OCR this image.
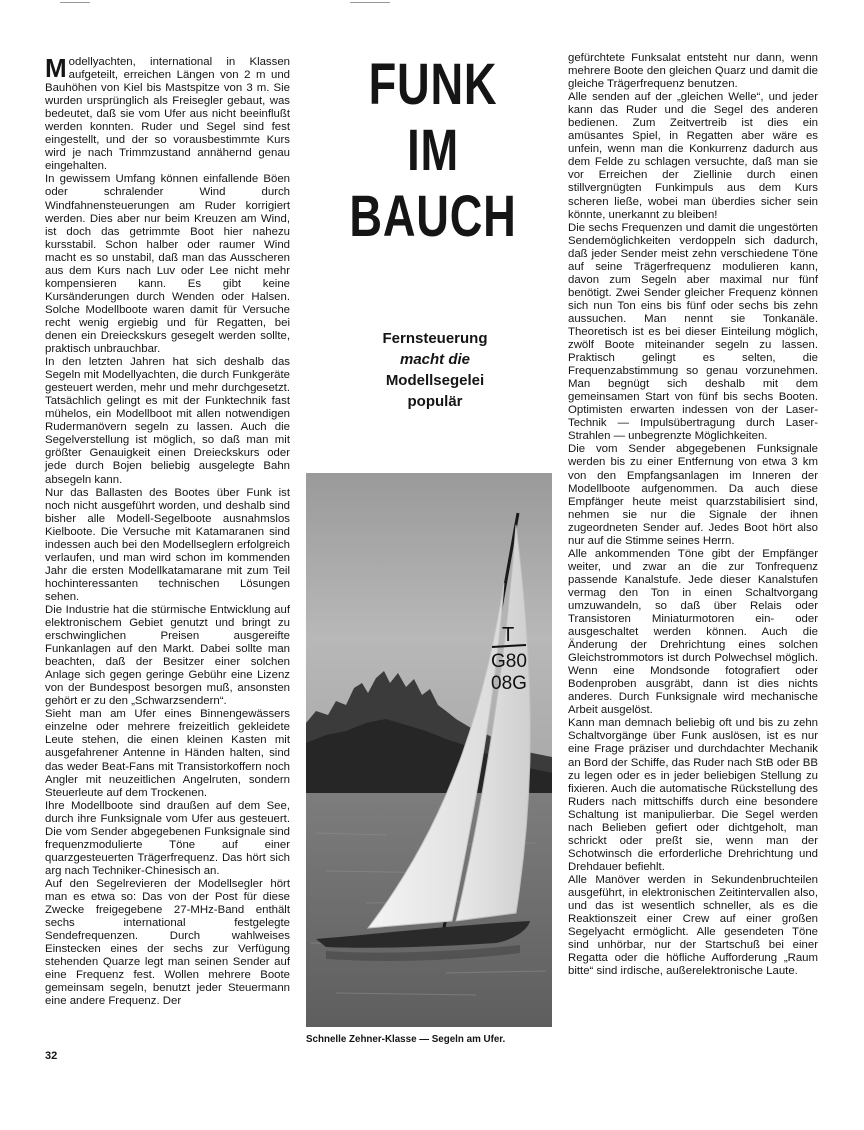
Modellyachten, international in Klassen aufgeteilt, erreichen Längen von 2 m und Bauhöhen von Kiel bis Mastspitze von 3 m. Sie wurden ursprünglich als Freisegler gebaut, was bedeutet, daß sie vom Ufer aus nicht beeinflußt werden konnten. Ruder und Segel sind fest eingestellt, und der so vorausbestimmte Kurs wird je nach Trimmzustand annähernd genau eingehalten.

In gewissem Umfang können einfallende Böen oder schralender Wind durch Windfahnensteuerungen am Ruder korrigiert werden. Dies aber nur beim Kreuzen am Wind, ist doch das getrimmte Boot hier nahezu kursstabil. Schon halber oder raumer Wind macht es so unstabil, daß man das Ausscheren aus dem Kurs nach Luv oder Lee nicht mehr kompensieren kann. Es gibt keine Kursänderungen durch Wenden oder Halsen. Solche Modellboote waren damit für Versuche recht wenig ergiebig und für Regatten, bei denen ein Dreieckskurs gesegelt werden sollte, praktisch unbrauchbar.

In den letzten Jahren hat sich deshalb das Segeln mit Modellyachten, die durch Funkgeräte gesteuert werden, mehr und mehr durchgesetzt. Tatsächlich gelingt es mit der Funktechnik fast mühelos, ein Modellboot mit allen notwendigen Rudermanövern segeln zu lassen. Auch die Segelverstellung ist möglich, so daß man mit größter Genauigkeit einen Dreieckskurs oder jede durch Bojen beliebig ausgelegte Bahn absegeln kann.

Nur das Ballasten des Bootes über Funk ist noch nicht ausgeführt worden, und deshalb sind bisher alle Modell-Segelboote ausnahmslos Kielboote. Die Versuche mit Katamaranen sind indessen auch bei den Modellseglern erfolgreich verlaufen, und man wird schon im kommenden Jahr die ersten Modellkatamarane mit zum Teil hochinteressanten technischen Lösungen sehen.

Die Industrie hat die stürmische Entwicklung auf elektronischem Gebiet genutzt und bringt zu erschwinglichen Preisen ausgereifte Funkanlagen auf den Markt. Dabei sollte man beachten, daß der Besitzer einer solchen Anlage sich gegen geringe Gebühr eine Lizenz von der Bundespost besorgen muß, ansonsten gehört er zu den „Schwarzsendern“.

Sieht man am Ufer eines Binnengewässers einzelne oder mehrere freizeitlich gekleidete Leute stehen, die einen kleinen Kasten mit ausgefahrener Antenne in Händen halten, sind das weder Beat-Fans mit Transistorkoffern noch Angler mit neuzeitlichen Angelruten, sondern Steuerleute auf dem Trockenen.

Ihre Modellboote sind draußen auf dem See, durch ihre Funksignale vom Ufer aus gesteuert. Die vom Sender abgegebenen Funksignale sind frequenzmodulierte Töne auf einer quarzgesteuerten Trägerfrequenz. Das hört sich arg nach Techniker-Chinesisch an.

Auf den Segelrevieren der Modellsegler hört man es etwa so: Das von der Post für diese Zwecke freigegebene 27-MHz-Band enthält sechs international festgelegte Sendefrequenzen. Durch wahlweises Einstecken eines der sechs zur Verfügung stehenden Quarze legt man seinen Sender auf eine Frequenz fest. Wollen mehrere Boote gemeinsam segeln, benutzt jeder Steuermann eine andere Frequenz. Der

FUNK
IM
BAUCH
Fernsteuerung
macht die
Modellsegelei
populär
T
G80
08G
Schnelle Zehner-Klasse — Segeln am Ufer.

gefürchtete Funksalat entsteht nur dann, wenn mehrere Boote den gleichen Quarz und damit die gleiche Trägerfrequenz benutzen.

Alle senden auf der „gleichen Welle“, und jeder kann das Ruder und die Segel des anderen bedienen. Zum Zeitvertreib ist dies ein amüsantes Spiel, in Regatten aber wäre es unfein, wenn man die Konkurrenz dadurch aus dem Felde zu schlagen versuchte, daß man sie vor Erreichen der Ziellinie durch einen stillvergnügten Funkimpuls aus dem Kurs scheren ließe, wobei man überdies sicher sein könnte, unerkannt zu bleiben!

Die sechs Frequenzen und damit die ungestörten Sendemöglichkeiten verdoppeln sich dadurch, daß jeder Sender meist zehn verschiedene Töne auf seine Trägerfrequenz modulieren kann, davon zum Segeln aber maximal nur fünf benötigt. Zwei Sender gleicher Frequenz können sich nun Ton eins bis fünf oder sechs bis zehn aussuchen. Man nennt sie Tonkanäle. Theoretisch ist es bei dieser Einteilung möglich, zwölf Boote miteinander segeln zu lassen. Praktisch gelingt es selten, die Frequenzabstimmung so genau vorzunehmen. Man begnügt sich deshalb mit dem gemeinsamen Start von fünf bis sechs Booten. Optimisten erwarten indessen von der Laser-Technik — Impulsübertragung durch Laser-Strahlen — unbegrenzte Möglichkeiten.

Die vom Sender abgegebenen Funksignale werden bis zu einer Entfernung von etwa 3 km von den Empfangsanlagen im Inneren der Modellboote aufgenommen. Da auch diese Empfänger heute meist quarzstabilisiert sind, nehmen sie nur die Signale der ihnen zugeordneten Sender auf. Jedes Boot hört also nur auf die Stimme seines Herrn.

Alle ankommenden Töne gibt der Empfänger weiter, und zwar an die zur Tonfrequenz passende Kanalstufe. Jede dieser Kanalstufen vermag den Ton in einen Schaltvorgang umzuwandeln, so daß über Relais oder Transistoren Miniaturmotoren ein- oder ausgeschaltet werden können. Auch die Änderung der Drehrichtung eines solchen Gleichstrommotors ist durch Polwechsel möglich. Wenn eine Mondsonde fotografiert oder Bodenproben ausgräbt, dann ist dies nichts anderes. Durch Funksignale wird mechanische Arbeit ausgelöst.

Kann man demnach beliebig oft und bis zu zehn Schaltvorgänge über Funk auslösen, ist es nur eine Frage präziser und durchdachter Mechanik an Bord der Schiffe, das Ruder nach StB oder BB zu legen oder es in jeder beliebigen Stellung zu fixieren. Auch die automatische Rückstellung des Ruders nach mittschiffs durch eine besondere Schaltung ist manipulierbar. Die Segel werden nach Belieben gefiert oder dichtgeholt, man schrickt oder preßt sie, wenn man der Schotwinsch die erforderliche Drehrichtung und Drehdauer befiehlt.

Alle Manöver werden in Sekundenbruchteilen ausgeführt, in elektronischen Zeitintervallen also, und das ist wesentlich schneller, als es die Reaktionszeit einer Crew auf einer großen Segelyacht ermöglicht. Alle gesendeten Töne sind unhörbar, nur der Startschuß bei einer Regatta oder die höfliche Aufforderung „Raum bitte“ sind irdische, außerelektronische Laute.

32
